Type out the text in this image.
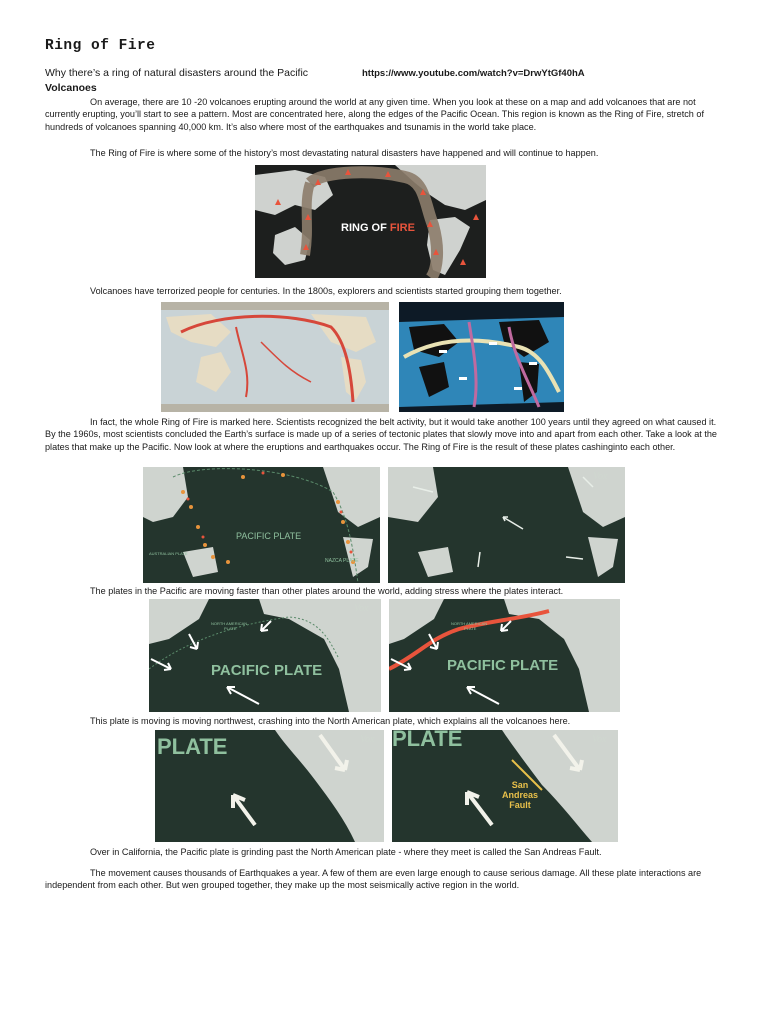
Ring of Fire
Why there’s a ring of natural disasters around the Pacific	https://www.youtube.com/watch?v=DrwYtGf40hA
Volcanoes

On average, there are 10 -20 volcanoes erupting around the world at any given time. When you look at these on a map and add volcanoes that are not currently erupting, you’ll start to see a pattern. Most are concentrated here, along the edges of the Pacific Ocean. This region is known as the Ring of Fire, stretch of hundreds of volcanoes spanning 40,000 km. It’s also where most of the earthquakes and tsunamis in the world take place.

The Ring of Fire is where some of the history’s most devastating natural disasters have happened and will continue to happen.

RING OF FIRE

Volcanoes have terrorized people for centuries. In the 1800s, explorers and scientists started grouping them together.

In fact, the whole Ring of Fire is marked here. Scientists recognized the belt activity, but it would take another 100 years until they agreed on what caused it. By the 1960s, most scientists concluded the Earth’s surface is made up of a series of tectonic plates that slowly move into and apart from each other. Take a look at the plates that make up the Pacific. Now look at where the eruptions and earthquakes occur. The Ring of Fire is the result of these plates cashinginto each other.

PACIFIC PLATE
AUSTRALIAN PLATE
NAZCA PLATE
Vox

The plates in the Pacific are moving faster than other plates around the world, adding stress where the plates interact.

NORTH AMERICAN
PLATE
PACIFIC PLATE
Vox
NORTH AMERICAN
PLATE
PACIFIC PLATE

This plate is moving is moving northwest, crashing into the North American plate, which explains all the volcanoes here.

PLATE	Vox PLATE
San
Andreas
Fault
Vox

Over in California, the Pacific plate is grinding past the North American plate - where they meet is called the San Andreas Fault.

The movement causes thousands of Earthquakes a year. A few of them are even large enough to cause serious damage. All these plate interactions are independent from each other. But wen grouped together, they make up the most seismically active region in the world.
